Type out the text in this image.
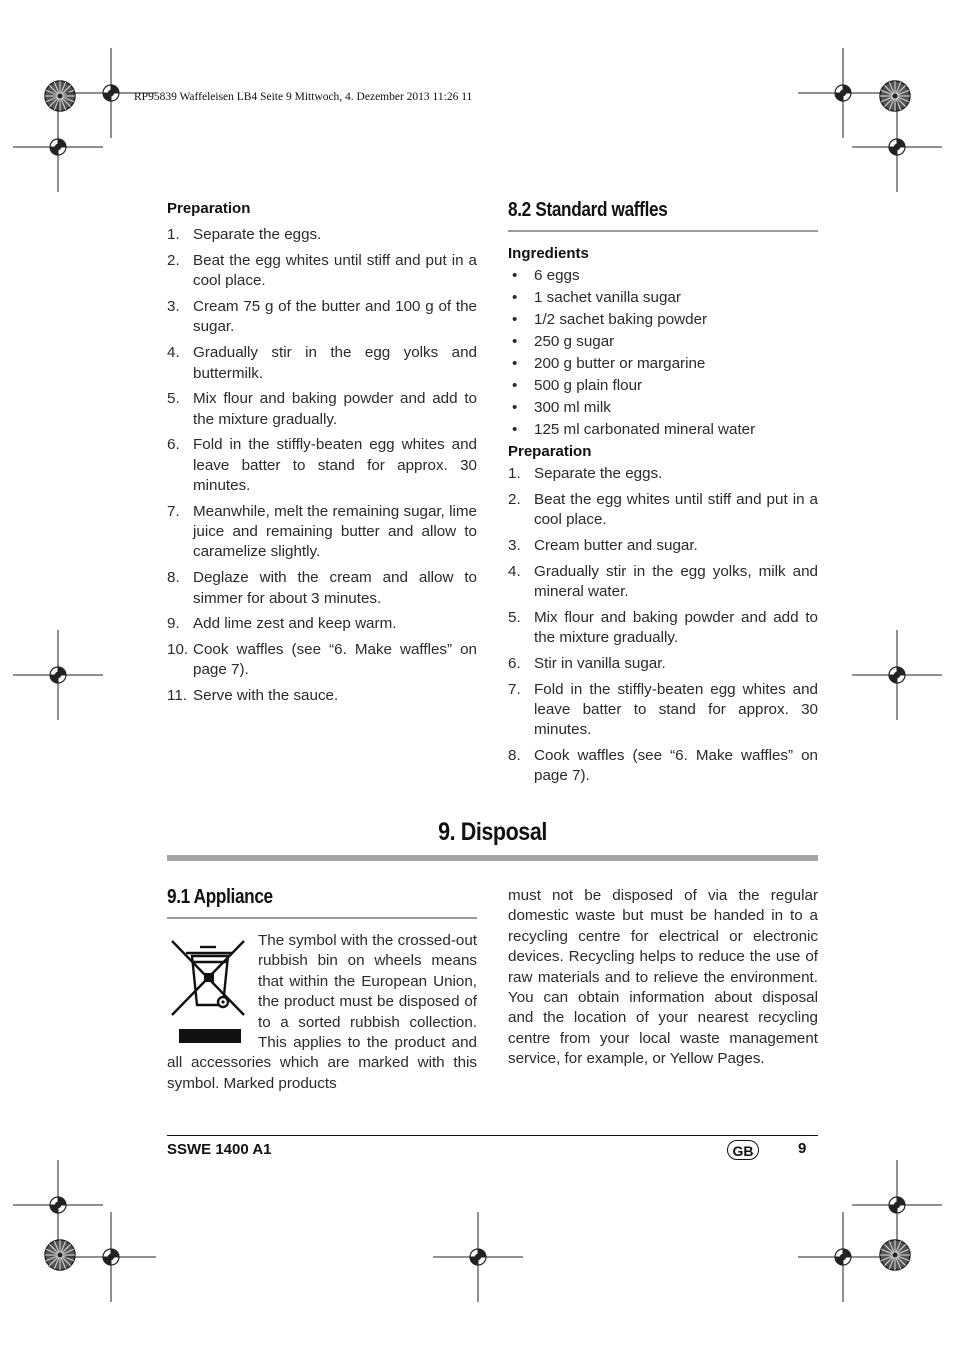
RP95839 Waffeleisen LB4 Seite 9 Mittwoch, 4. Dezember 2013 11:26 11
Preparation
1. Separate the eggs.
2. Beat the egg whites until stiff and put in a cool place.
3. Cream 75 g of the butter and 100 g of the sugar.
4. Gradually stir in the egg yolks and buttermilk.
5. Mix flour and baking powder and add to the mixture gradually.
6. Fold in the stiffly-beaten egg whites and leave batter to stand for approx. 30 minutes.
7. Meanwhile, melt the remaining sugar, lime juice and remaining butter and allow to caramelize slightly.
8. Deglaze with the cream and allow to simmer for about 3 minutes.
9. Add lime zest and keep warm.
10. Cook waffles (see “6. Make waffles” on page 7).
11. Serve with the sauce.
8.2 Standard waffles
Ingredients
• 6 eggs
• 1 sachet vanilla sugar
• 1/2 sachet baking powder
• 250 g sugar
• 200 g butter or margarine
• 500 g plain flour
• 300 ml milk
• 125 ml carbonated mineral water
Preparation
1. Separate the eggs.
2. Beat the egg whites until stiff and put in a cool place.
3. Cream butter and sugar.
4. Gradually stir in the egg yolks, milk and mineral water.
5. Mix flour and baking powder and add to the mixture gradually.
6. Stir in vanilla sugar.
7. Fold in the stiffly-beaten egg whites and leave batter to stand for approx. 30 minutes.
8. Cook waffles (see “6. Make waffles” on page 7).
9. Disposal
9.1 Appliance
The symbol with the crossed-out rubbish bin on wheels means that within the European Union, the product must be disposed of to a sorted rubbish collection. This applies to the product and all accessories which are marked with this symbol. Marked products
must not be disposed of via the regular domestic waste but must be handed in to a recycling centre for electrical or electronic devices. Recycling helps to reduce the use of raw materials and to relieve the environment. You can obtain information about disposal and the location of your nearest recycling centre from your local waste management service, for example, or Yellow Pages.
SSWE 1400 A1	GB	9
